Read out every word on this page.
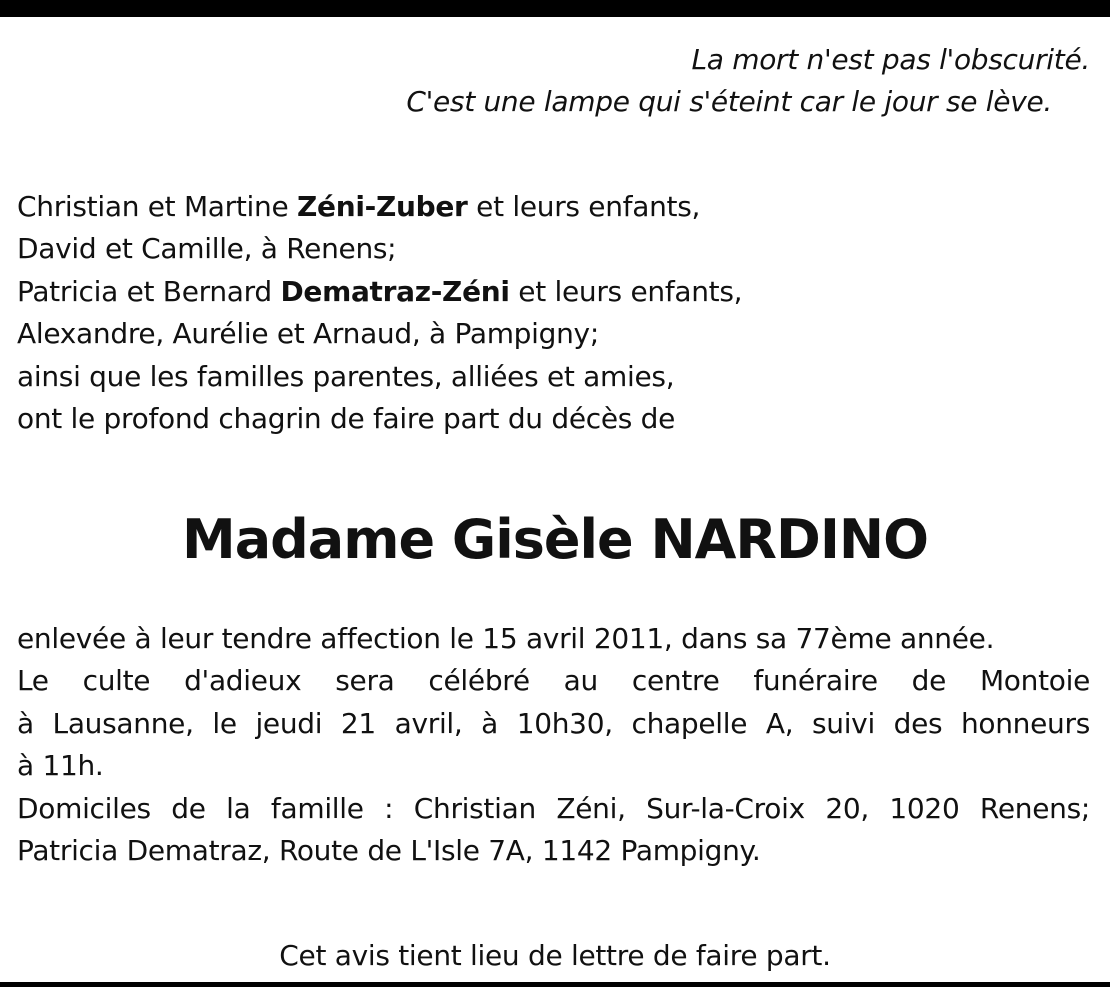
La mort n'est pas l'obscurité.
C'est une lampe qui s'éteint car le jour se lève.
Christian et Martine Zéni-Zuber et leurs enfants,
David et Camille, à Renens;
Patricia et Bernard Dematraz-Zéni et leurs enfants,
Alexandre, Aurélie et Arnaud, à Pampigny;
ainsi que les familles parentes, alliées et amies,
ont le profond chagrin de faire part du décès de
Madame Gisèle NARDINO
enlevée à leur tendre affection le 15 avril 2011, dans sa 77ème année.
Le culte d'adieux sera célébré au centre funéraire de Montoie
à Lausanne, le jeudi 21 avril, à 10h30, chapelle A, suivi des honneurs
à 11h.
Domiciles de la famille : Christian Zéni, Sur-la-Croix 20, 1020 Renens;
Patricia Dematraz, Route de L'Isle 7A, 1142 Pampigny.
Cet avis tient lieu de lettre de faire part.
